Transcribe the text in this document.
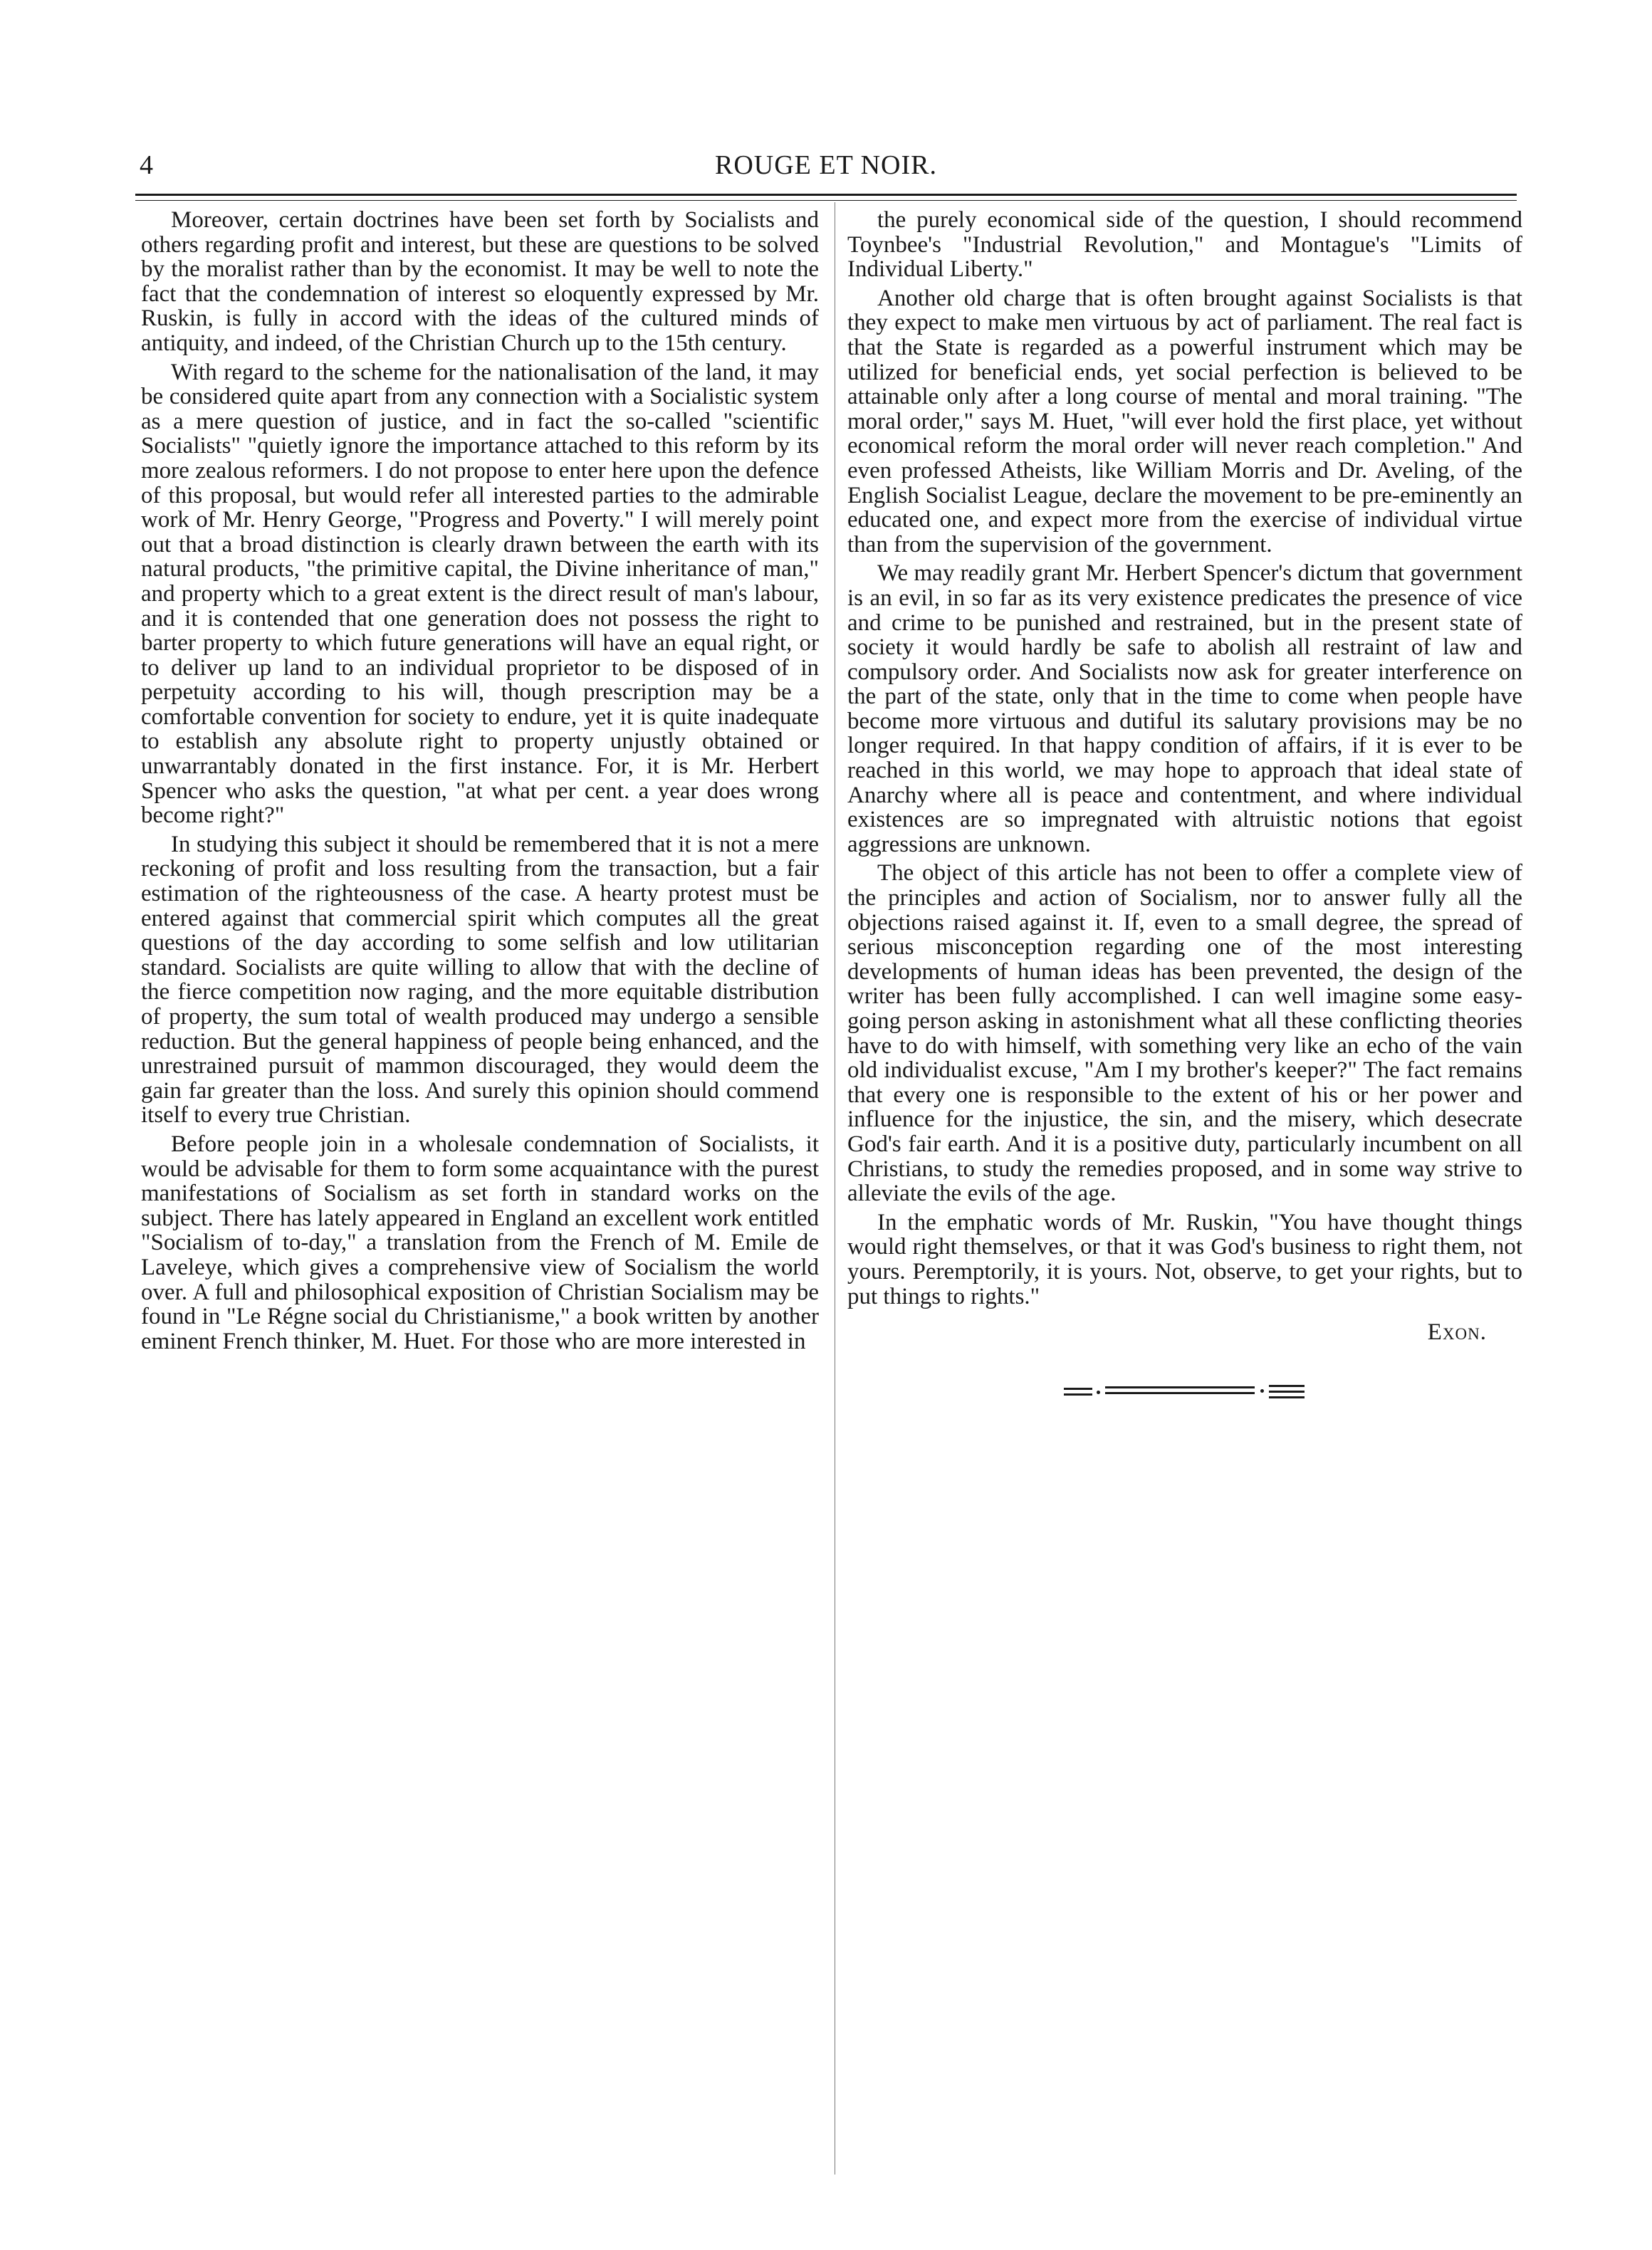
4	ROUGE ET NOIR.

Moreover, certain doctrines have been set forth by Socialists and others regarding profit and interest, but these are questions to be solved by the moralist rather than by the economist. It may be well to note the fact that the condemnation of interest so eloquently expressed by Mr. Ruskin, is fully in accord with the ideas of the cultured minds of antiquity, and indeed, of the Christian Church up to the 15th century.

With regard to the scheme for the nationalisation of the land, it may be considered quite apart from any connection with a Socialistic system as a mere question of justice, and in fact the so-called "scientific Socialists" "quietly ignore the importance attached to this reform by its more zealous reformers. I do not propose to enter here upon the defence of this proposal, but would refer all interested parties to the admirable work of Mr. Henry George, "Progress and Poverty." I will merely point out that a broad distinction is clearly drawn between the earth with its natural products, "the primitive capital, the Divine inheritance of man," and property which to a great extent is the direct result of man's labour, and it is contended that one generation does not possess the right to barter property to which future generations will have an equal right, or to deliver up land to an individual proprietor to be disposed of in perpetuity according to his will, though prescription may be a comfortable convention for society to endure, yet it is quite inadequate to establish any absolute right to property unjustly obtained or unwarrantably donated in the first instance. For, it is Mr. Herbert Spencer who asks the question, "at what per cent. a year does wrong become right?"

In studying this subject it should be remembered that it is not a mere reckoning of profit and loss resulting from the transaction, but a fair estimation of the righteousness of the case. A hearty protest must be entered against that commercial spirit which computes all the great questions of the day according to some selfish and low utilitarian standard. Socialists are quite willing to allow that with the decline of the fierce competition now raging, and the more equitable distribution of property, the sum total of wealth produced may undergo a sensible reduction. But the general happiness of people being enhanced, and the unrestrained pursuit of mammon discouraged, they would deem the gain far greater than the loss. And surely this opinion should commend itself to every true Christian.

Before people join in a wholesale condemnation of Socialists, it would be advisable for them to form some acquaintance with the purest manifestations of Socialism as set forth in standard works on the subject. There has lately appeared in England an excellent work entitled "Socialism of to-day," a translation from the French of M. Emile de Laveleye, which gives a comprehensive view of Socialism the world over. A full and philosophical exposition of Christian Socialism may be found in "Le Régne social du Christianisme," a book written by another eminent French thinker, M. Huet. For those who are more interested in

the purely economical side of the question, I should recommend Toynbee's "Industrial Revolution," and Montague's "Limits of Individual Liberty."

Another old charge that is often brought against Socialists is that they expect to make men virtuous by act of parliament. The real fact is that the State is regarded as a powerful instrument which may be utilized for beneficial ends, yet social perfection is believed to be attainable only after a long course of mental and moral training. "The moral order," says M. Huet, "will ever hold the first place, yet without economical reform the moral order will never reach completion." And even professed Atheists, like William Morris and Dr. Aveling, of the English Socialist League, declare the movement to be pre-eminently an educated one, and expect more from the exercise of individual virtue than from the supervision of the government.

We may readily grant Mr. Herbert Spencer's dictum that government is an evil, in so far as its very existence predicates the presence of vice and crime to be punished and restrained, but in the present state of society it would hardly be safe to abolish all restraint of law and compulsory order. And Socialists now ask for greater interference on the part of the state, only that in the time to come when people have become more virtuous and dutiful its salutary provisions may be no longer required. In that happy condition of affairs, if it is ever to be reached in this world, we may hope to approach that ideal state of Anarchy where all is peace and contentment, and where individual existences are so impregnated with altruistic notions that egoist aggressions are unknown.

The object of this article has not been to offer a complete view of the principles and action of Socialism, nor to answer fully all the objections raised against it. If, even to a small degree, the spread of serious misconception regarding one of the most interesting developments of human ideas has been prevented, the design of the writer has been fully accomplished. I can well imagine some easy-going person asking in astonishment what all these conflicting theories have to do with himself, with something very like an echo of the vain old individualist excuse, "Am I my brother's keeper?" The fact remains that every one is responsible to the extent of his or her power and influence for the injustice, the sin, and the misery, which desecrate God's fair earth. And it is a positive duty, particularly incumbent on all Christians, to study the remedies proposed, and in some way strive to alleviate the evils of the age.

In the emphatic words of Mr. Ruskin, "You have thought things would right themselves, or that it was God's business to right them, not yours. Peremptorily, it is yours. Not, observe, to get your rights, but to put things to rights."

Exon.
